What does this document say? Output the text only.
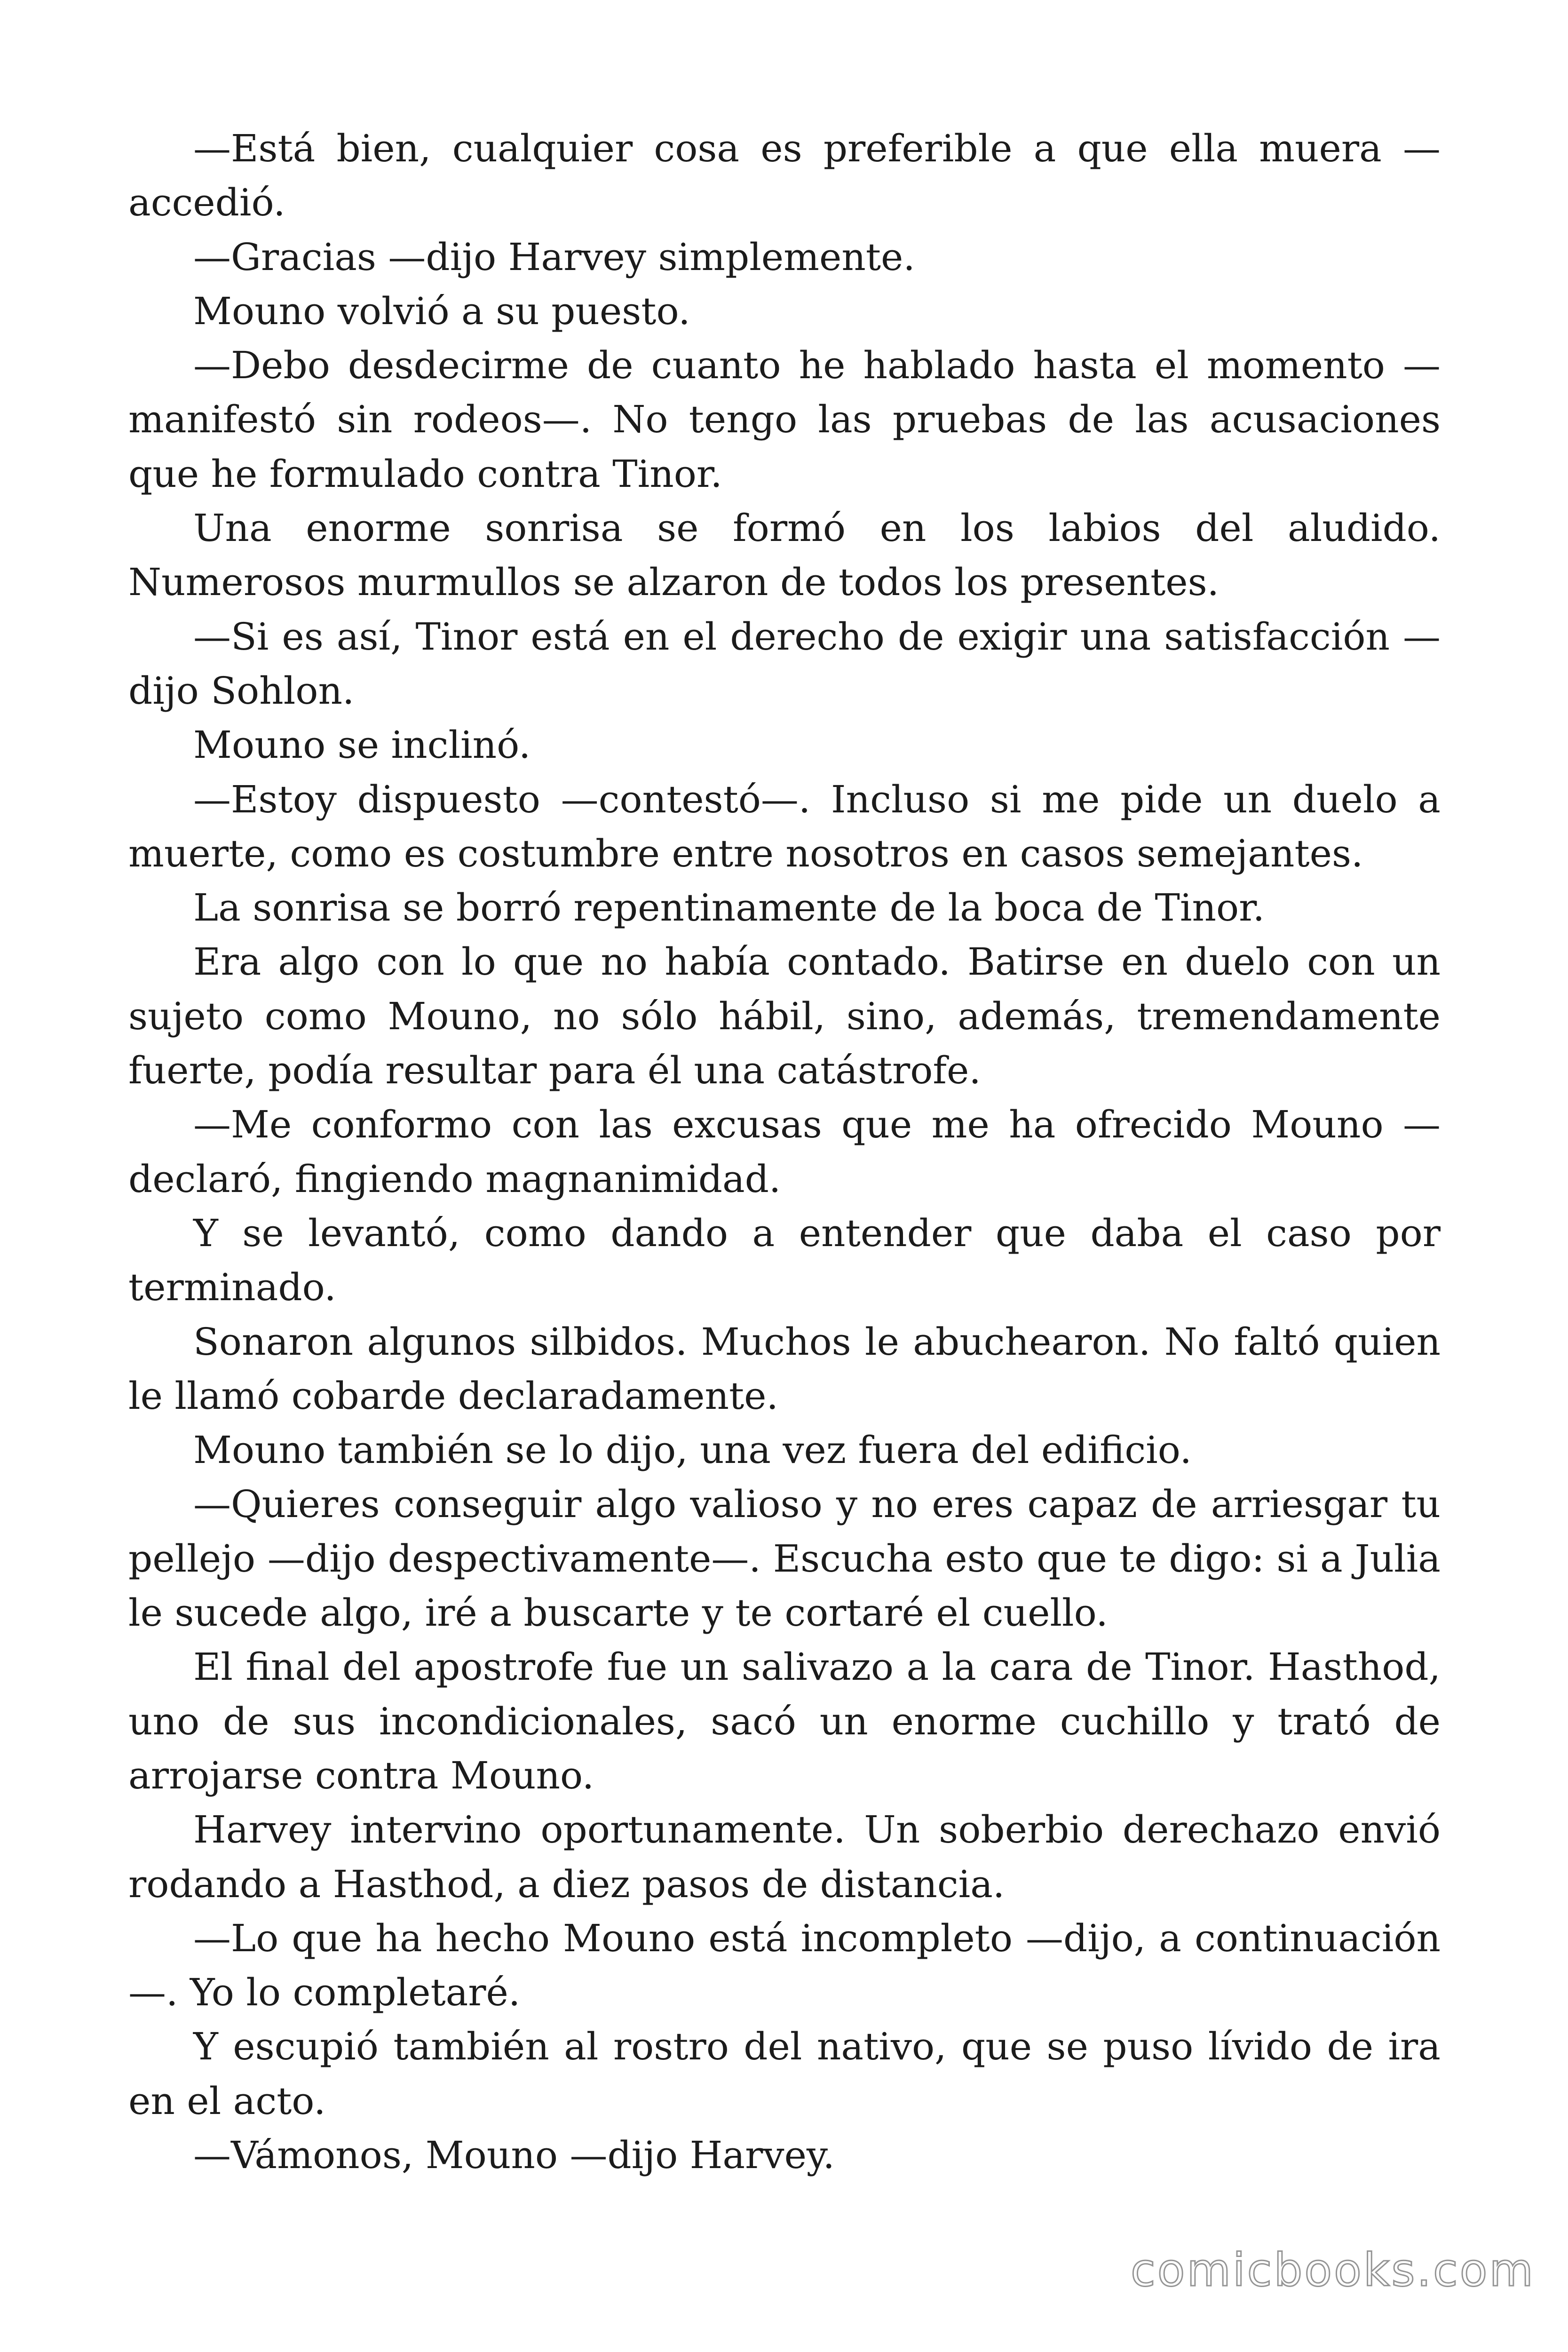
—Está bien, cualquier cosa es preferible a que ella muera —accedió.

—Gracias —dijo Harvey simplemente.

Mouno volvió a su puesto.

—Debo desdecirme de cuanto he hablado hasta el momento —manifestó sin rodeos—. No tengo las pruebas de las acusaciones que he formulado contra Tinor.

Una enorme sonrisa se formó en los labios del aludido. Numerosos murmullos se alzaron de todos los presentes.

—Si es así, Tinor está en el derecho de exigir una satisfacción —dijo Sohlon.

Mouno se inclinó.

—Estoy dispuesto —contestó—. Incluso si me pide un duelo a muerte, como es costumbre entre nosotros en casos semejantes.

La sonrisa se borró repentinamente de la boca de Tinor.

Era algo con lo que no había contado. Batirse en duelo con un sujeto como Mouno, no sólo hábil, sino, además, tremendamente fuerte, podía resultar para él una catástrofe.

—Me conformo con las excusas que me ha ofrecido Mouno —declaró, fingiendo magnanimidad.

Y se levantó, como dando a entender que daba el caso por terminado.

Sonaron algunos silbidos. Muchos le abuchearon. No faltó quien le llamó cobarde declaradamente.

Mouno también se lo dijo, una vez fuera del edificio.

—Quieres conseguir algo valioso y no eres capaz de arriesgar tu pellejo —dijo despectivamente—. Escucha esto que te digo: si a Julia le sucede algo, iré a buscarte y te cortaré el cuello.

El final del apostrofe fue un salivazo a la cara de Tinor. Hasthod, uno de sus incondicionales, sacó un enorme cuchillo y trató de arrojarse contra Mouno.

Harvey intervino oportunamente. Un soberbio derechazo envió rodando a Hasthod, a diez pasos de distancia.

—Lo que ha hecho Mouno está incompleto —dijo, a continuación—. Yo lo completaré.

Y escupió también al rostro del nativo, que se puso lívido de ira en el acto.

—Vámonos, Mouno —dijo Harvey.

comicbooks.com
